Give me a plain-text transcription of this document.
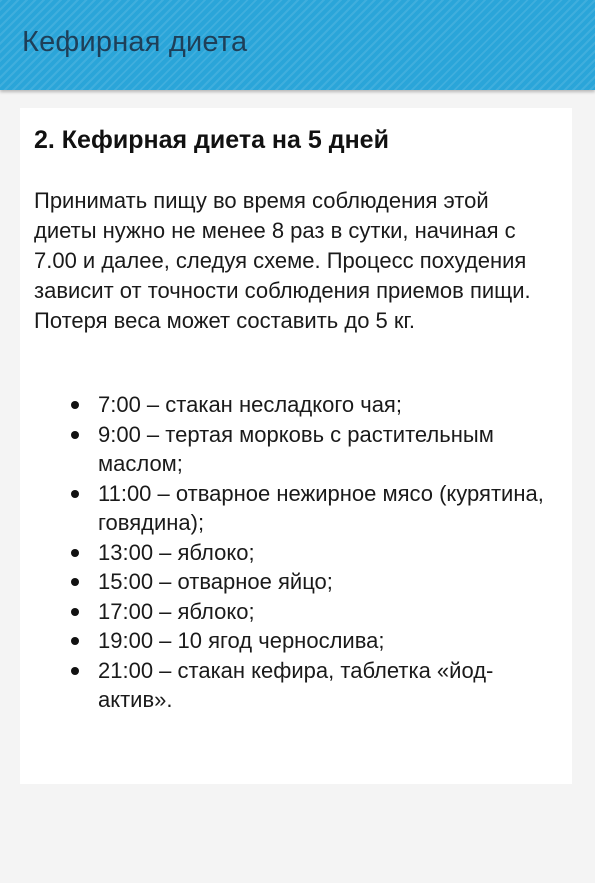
Кефирная диета
2. Кефирная диета на 5 дней

Принимать пищу во время соблюдения этой диеты нужно не менее 8 раз в сутки, начиная с 7.00 и далее, следуя схеме. Процесс похудения зависит от точности соблюдения приемов пищи. Потеря веса может составить до 5 кг.

7:00 – стакан несладкого чая;
9:00 – тертая морковь с растительным маслом;
11:00 – отварное нежирное мясо (курятина, говядина);
13:00 – яблоко;
15:00 – отварное яйцо;
17:00 – яблоко;
19:00 – 10 ягод чернослива;
21:00 – стакан кефира, таблетка «йод-актив».
